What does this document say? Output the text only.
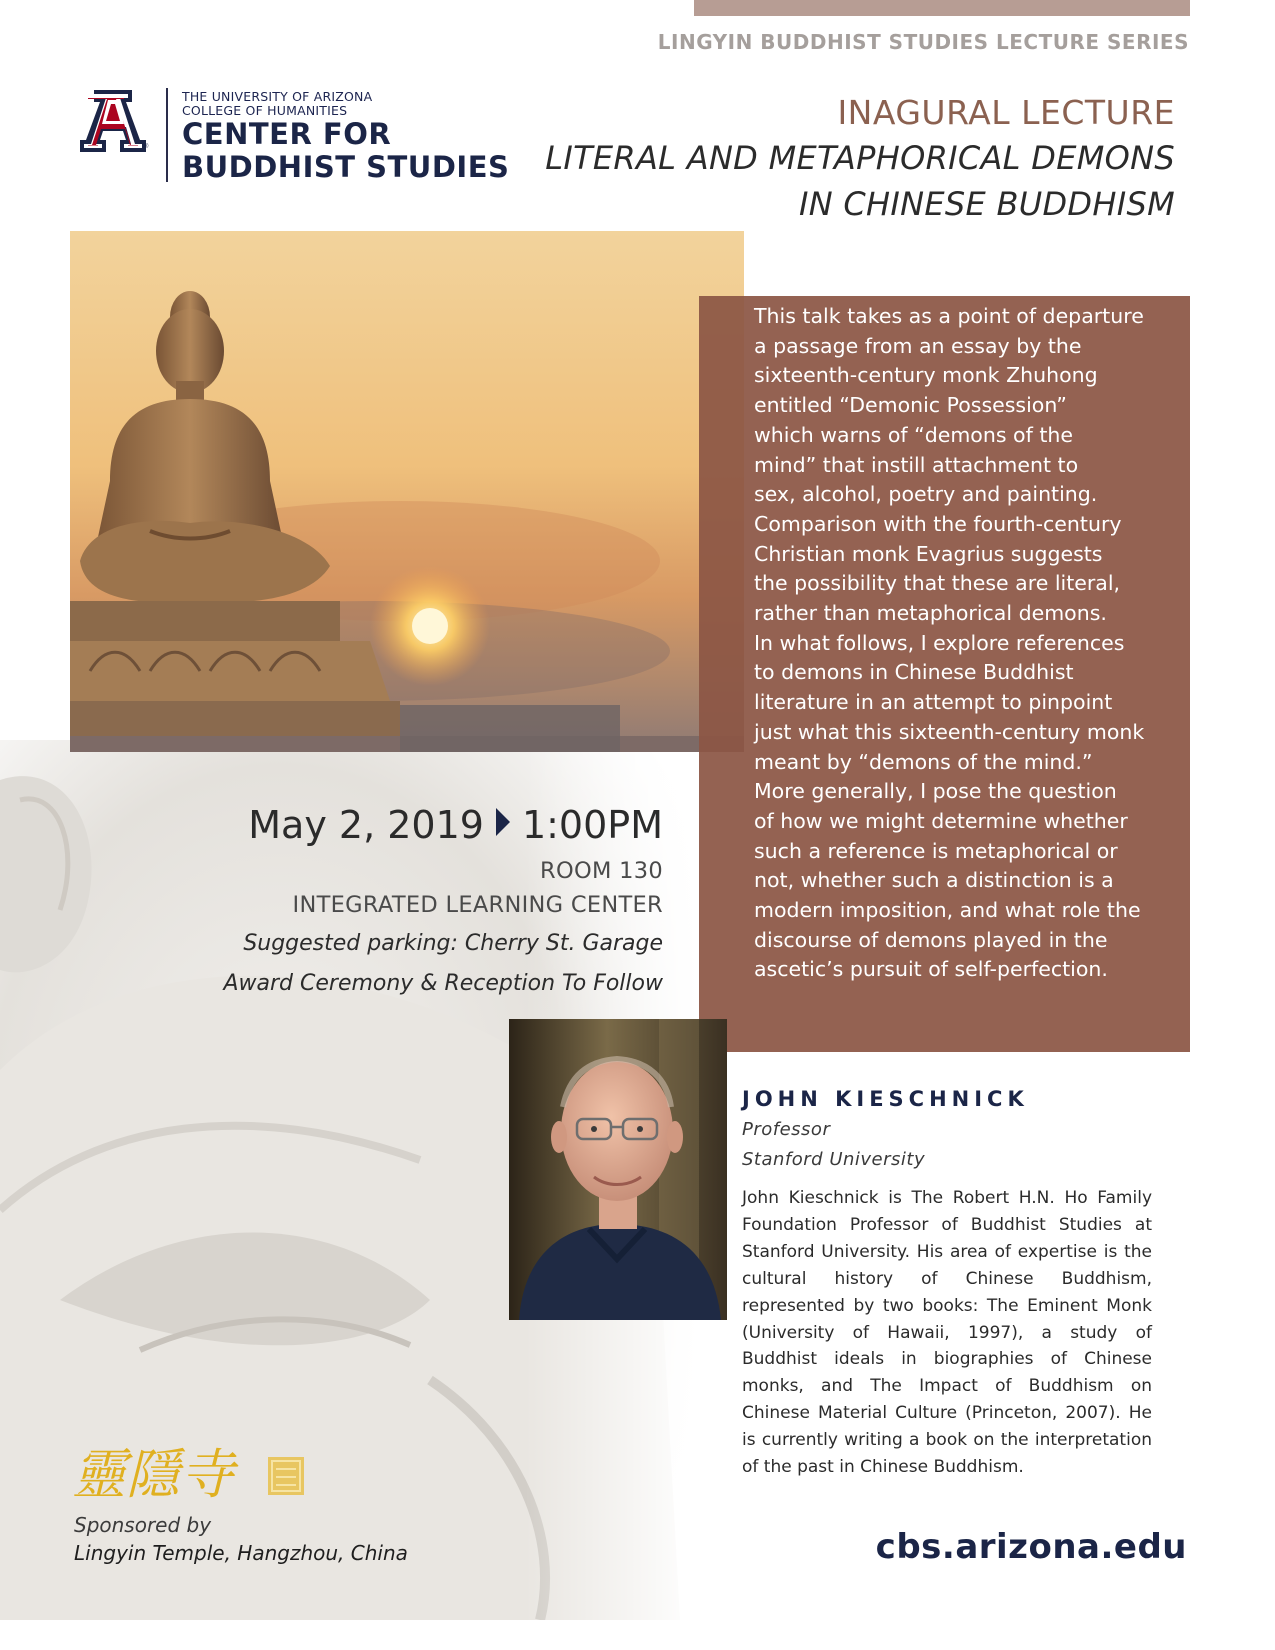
LINGYIN BUDDHIST STUDIES LECTURE SERIES
®
THE UNIVERSITY OF ARIZONA
COLLEGE OF HUMANITIES
CENTER FOR
BUDDHIST STUDIES
INAGURAL LECTURE
LITERAL AND METAPHORICAL DEMONS
IN CHINESE BUDDHISM
This talk takes as a point of departure
a passage from an essay by the
sixteenth-century monk Zhuhong
entitled “Demonic Possession”
which warns of “demons of the
mind” that instill attachment to
sex, alcohol, poetry and painting.
Comparison with the fourth-century
Christian monk Evagrius suggests
the possibility that these are literal,
rather than metaphorical demons.
In what follows, I explore references
to demons in Chinese Buddhist
literature in an attempt to pinpoint
just what this sixteenth-century monk
meant by “demons of the mind.”
More generally, I pose the question
of how we might determine whether
such a reference is metaphorical or
not, whether such a distinction is a
modern imposition, and what role the
discourse of demons played in the
ascetic’s pursuit of self-perfection.
May 2, 2019 1:00PM
ROOM 130
INTEGRATED LEARNING CENTER
Suggested parking: Cherry St. Garage
Award Ceremony & Reception To Follow
JOHN KIESCHNICK
Professor
Stanford University
John Kieschnick is The Robert H.N. Ho Family Foundation Professor of Buddhist Studies at Stanford University. His area of expertise is the cultural history of Chinese Buddhism, represented by two books: The Eminent Monk (University of Hawaii, 1997), a study of Buddhist ideals in biographies of Chinese monks, and The Impact of Buddhism on Chinese Material Culture (Princeton, 2007). He is currently writing a book on the interpretation of the past in Chinese Buddhism.
靈隱寺
Sponsored by
Lingyin Temple, Hangzhou, China	cbs.arizona.edu
